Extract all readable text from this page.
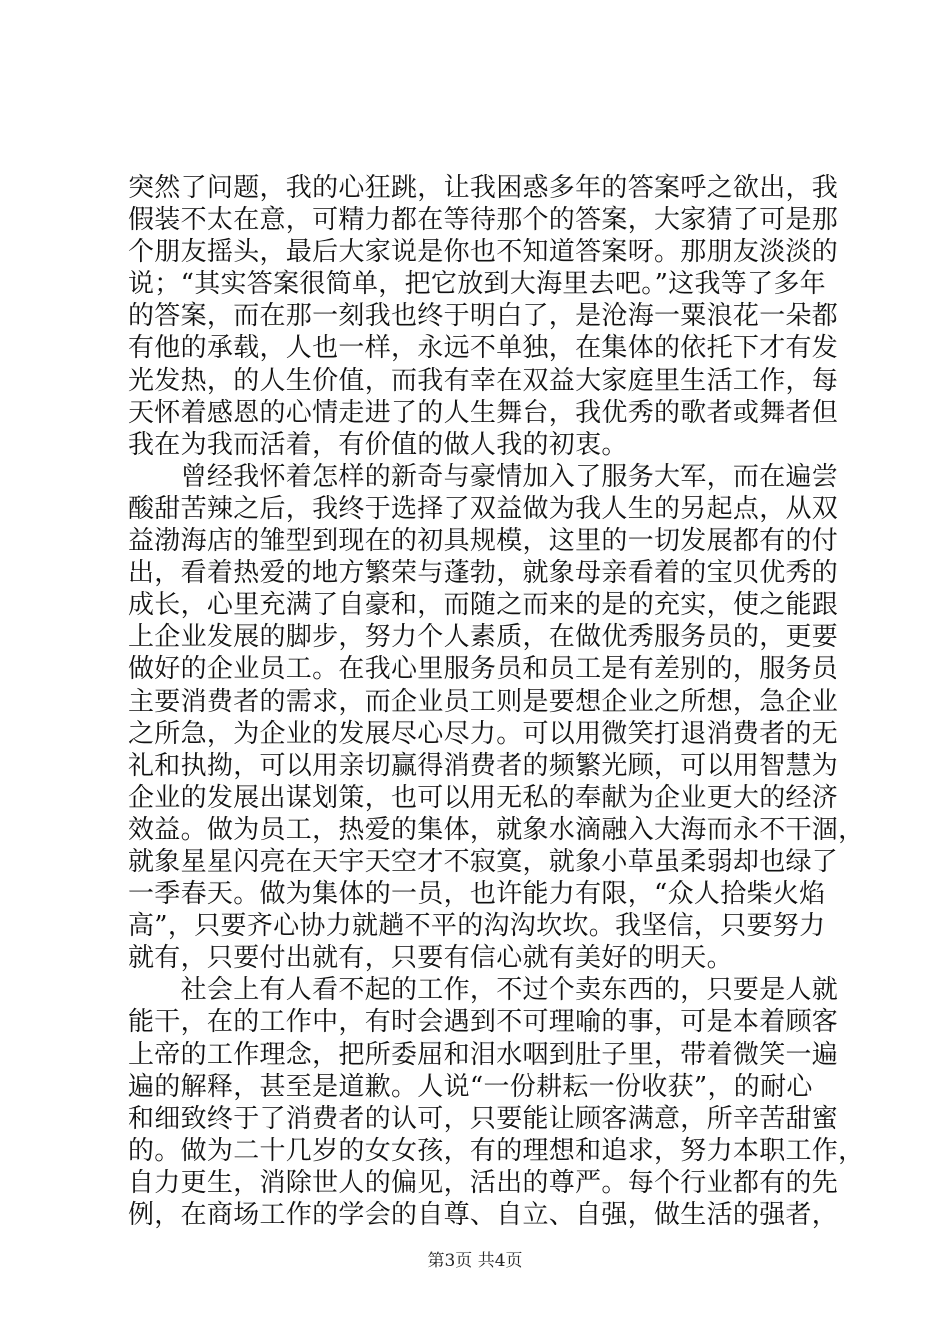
突然了问题，我的心狂跳，让我困惑多年的答案呼之欲出，我
假装不太在意，可精力都在等待那个的答案，大家猜了可是那
个朋友摇头，最后大家说是你也不知道答案呀。那朋友淡淡的
说；“其实答案很简单，把它放到大海里去吧。”这我等了多年
的答案，而在那一刻我也终于明白了，是沧海一粟浪花一朵都
有他的承载，人也一样，永远不单独，在集体的依托下才有发
光发热，的人生价值，而我有幸在双益大家庭里生活工作，每
天怀着感恩的心情走进了的人生舞台，我优秀的歌者或舞者但
我在为我而活着，有价值的做人我的初衷。
　　曾经我怀着怎样的新奇与豪情加入了服务大军，而在遍尝
酸甜苦辣之后，我终于选择了双益做为我人生的另起点，从双
益渤海店的雏型到现在的初具规模，这里的一切发展都有的付
出，看着热爱的地方繁荣与蓬勃，就象母亲看着的宝贝优秀的
成长，心里充满了自豪和，而随之而来的是的充实，使之能跟
上企业发展的脚步，努力个人素质，在做优秀服务员的，更要
做好的企业员工。在我心里服务员和员工是有差别的，服务员
主要消费者的需求，而企业员工则是要想企业之所想，急企业
之所急，为企业的发展尽心尽力。可以用微笑打退消费者的无
礼和执拗，可以用亲切赢得消费者的频繁光顾，可以用智慧为
企业的发展出谋划策，也可以用无私的奉献为企业更大的经济
效益。做为员工，热爱的集体，就象水滴融入大海而永不干涸，
就象星星闪亮在天宇天空才不寂寞，就象小草虽柔弱却也绿了
一季春天。做为集体的一员，也许能力有限，“众人拾柴火焰
高”，只要齐心协力就趟不平的沟沟坎坎。我坚信，只要努力
就有，只要付出就有，只要有信心就有美好的明天。
　　社会上有人看不起的工作，不过个卖东西的，只要是人就
能干，在的工作中，有时会遇到不可理喻的事，可是本着顾客
上帝的工作理念，把所委屈和泪水咽到肚子里，带着微笑一遍
遍的解释，甚至是道歉。人说“一份耕耘一份收获”，的耐心
和细致终于了消费者的认可，只要能让顾客满意，所辛苦甜蜜
的。做为二十几岁的女女孩，有的理想和追求，努力本职工作，
自力更生，消除世人的偏见，活出的尊严。每个行业都有的先
例，在商场工作的学会的自尊、自立、自强，做生活的强者，
第3页 共4页
